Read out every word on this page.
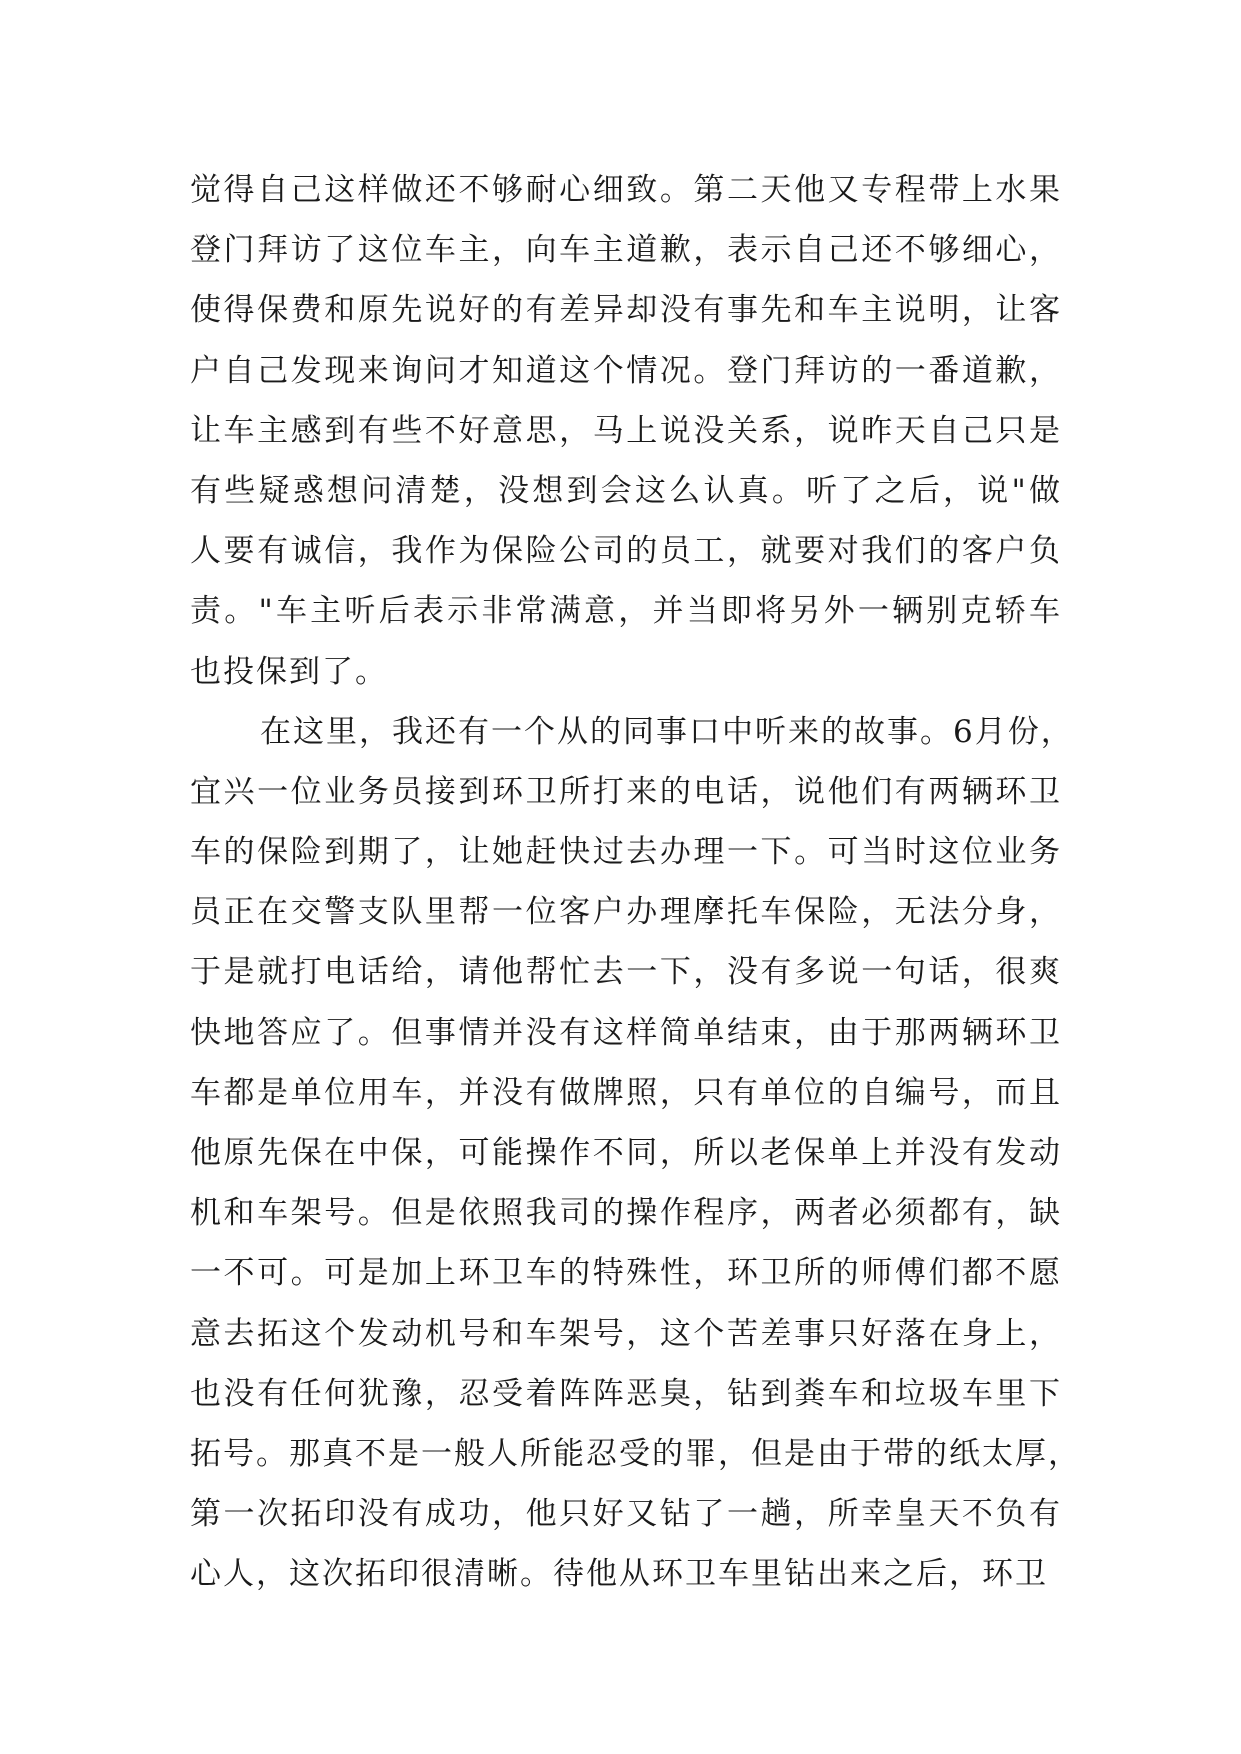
觉得自己这样做还不够耐心细致。第二天他又专程带上水果
登门拜访了这位车主，向车主道歉，表示自己还不够细心，
使得保费和原先说好的有差异却没有事先和车主说明，让客
户自己发现来询问才知道这个情况。登门拜访的一番道歉，
让车主感到有些不好意思，马上说没关系，说昨天自己只是
有些疑惑想问清楚，没想到会这么认真。听了之后，说"做
人要有诚信，我作为保险公司的员工，就要对我们的客户负
责。"车主听后表示非常满意，并当即将另外一辆别克轿车
也投保到了。
在这里，我还有一个从的同事口中听来的故事。6月份，
宜兴一位业务员接到环卫所打来的电话，说他们有两辆环卫
车的保险到期了，让她赶快过去办理一下。可当时这位业务
员正在交警支队里帮一位客户办理摩托车保险，无法分身，
于是就打电话给，请他帮忙去一下，没有多说一句话，很爽
快地答应了。但事情并没有这样简单结束，由于那两辆环卫
车都是单位用车，并没有做牌照，只有单位的自编号，而且
他原先保在中保，可能操作不同，所以老保单上并没有发动
机和车架号。但是依照我司的操作程序，两者必须都有，缺
一不可。可是加上环卫车的特殊性，环卫所的师傅们都不愿
意去拓这个发动机号和车架号，这个苦差事只好落在身上，
也没有任何犹豫，忍受着阵阵恶臭，钻到粪车和垃圾车里下
拓号。那真不是一般人所能忍受的罪，但是由于带的纸太厚，
第一次拓印没有成功，他只好又钻了一趟，所幸皇天不负有
心人，这次拓印很清晰。待他从环卫车里钻出来之后，环卫
